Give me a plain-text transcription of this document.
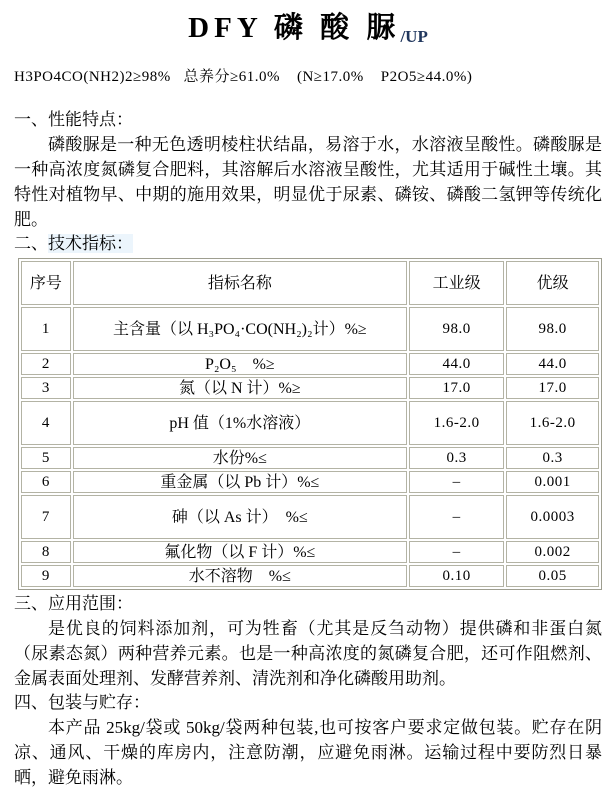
DFY 磷 酸 脲/UP
H3PO4CO(NH2)2≥98%   总养分≥61.0%    (N≥17.0%    P2O5≥44.0%)
一、性能特点：

磷酸脲是一种无色透明棱柱状结晶，易溶于水，水溶液呈酸性。磷酸脲是一种高浓度氮磷复合肥料，其溶解后水溶液呈酸性，尤其适用于碱性土壤。其特性对植物早、中期的施用效果，明显优于尿素、磷铵、磷酸二氢钾等传统化肥。

二、技术指标：
序号	指标名称	工业级	优级
1	主含量（以 H₃PO₄·CO(NH₂)₂计）%≥	98.0	98.0
2	P₂O₅　%≥	44.0	44.0
3	氮（以 N 计）%≥	17.0	17.0
4	pH 值（1%水溶液）	1.6-2.0	1.6-2.0
5	水份%≤	0.3	0.3
6	重金属（以 Pb 计）%≤	–	0.001
7	砷（以 As 计）　%≤	–	0.0003
8	氟化物（以 F 计）%≤	–	0.002
9	水不溶物　%≤	0.10	0.05
三、应用范围：

是优良的饲料添加剂，可为牲畜（尤其是反刍动物）提供磷和非蛋白氮（尿素态氮）两种营养元素。也是一种高浓度的氮磷复合肥，还可作阻燃剂、金属表面处理剂、发酵营养剂、清洗剂和净化磷酸用助剂。

四、包装与贮存：

本产品 25kg/袋或 50kg/袋两种包装,也可按客户要求定做包装。贮存在阴凉、通风、干燥的库房内，注意防潮，应避免雨淋。运输过程中要防烈日暴晒，避免雨淋。
